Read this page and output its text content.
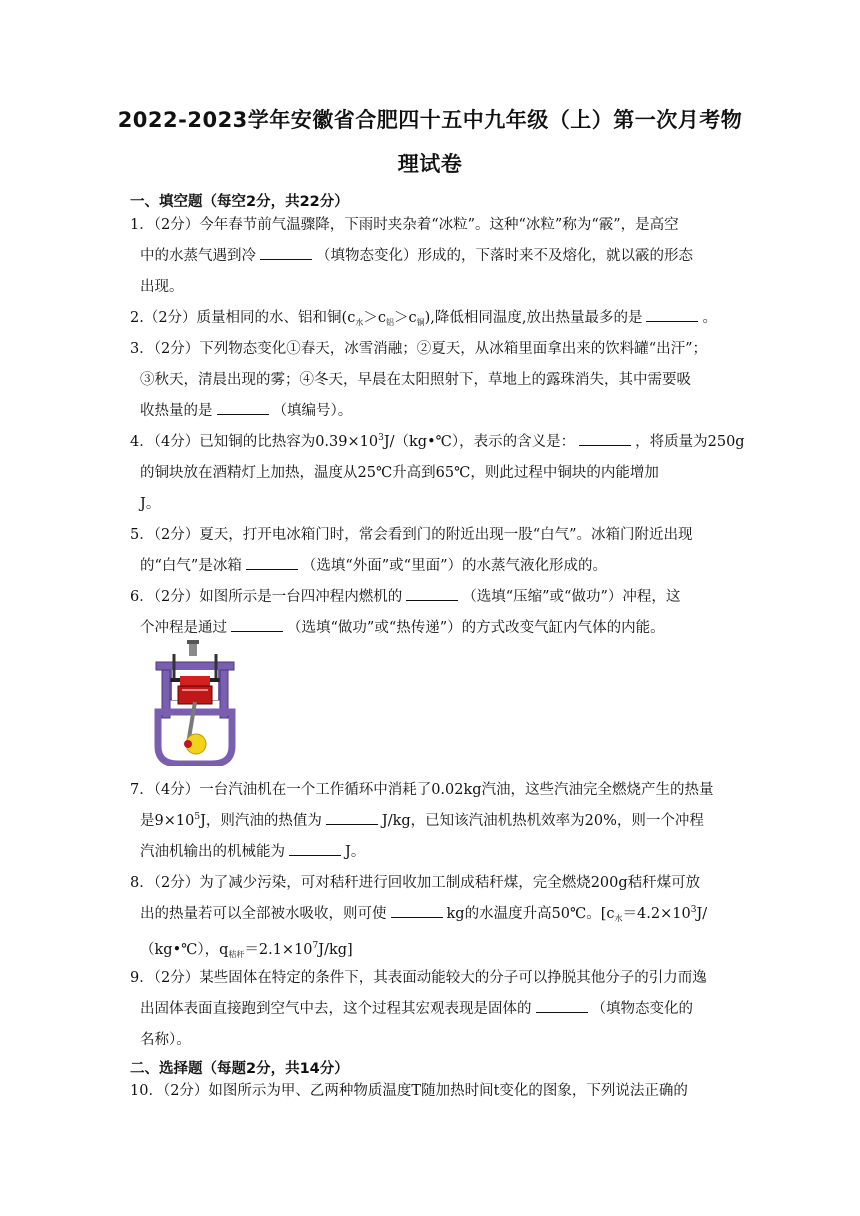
2022-2023学年安徽省合肥四十五中九年级（上）第一次月考物
理试卷
一、填空题（每空2分，共22分）
1．（2分）今年春节前气温骤降，下雨时夹杂着“冰粒”。这种“冰粒”称为“霰”，是高空
中的水蒸气遇到冷	（填物态变化）形成的，下落时来不及熔化，就以霰的形态
出现。
2.（2分）质量相同的水、铝和铜$(c_水>c_铝>c_铜)$,降低相同温度,放出热量最多的是	。
3．（2分）下列物态变化①春天，冰雪消融；②夏天，从冰箱里面拿出来的饮料罐“出汗”；
③秋天，清晨出现的雾；④冬天，早晨在太阳照射下，草地上的露珠消失，其中需要吸
收热量的是	（填编号）。
4．（4分）已知铜的比热容为$0.39\times 10^3J/(kg•℃)$，表示的含义是：	，将质量为250g
的铜块放在酒精灯上加热，温度从25℃升高到65℃，则此过程中铜块的内能增加
J。
5．（2分）夏天，打开电冰箱门时，常会看到门的附近出现一股“白气”。冰箱门附近出现
的“白气”是冰箱	（选填“外面”或“里面”）的水蒸气液化形成的。
6．（2分）如图所示是一台四冲程内燃机的	（选填“压缩”或“做功”）冲程，这
个冲程是通过	（选填“做功”或“热传递”）的方式改变气缸内气体的内能。
7．（4分）一台汽油机在一个工作循环中消耗了0.02kg汽油，这些汽油完全燃烧产生的热量
是$9\times 10^5J$，则汽油的热值为	J/kg，已知该汽油机热机效率为20%，则一个冲程
汽油机输出的机械能为	J。
8．（2分）为了减少污染，可对秸秆进行回收加工制成秸秆煤，完全燃烧200g秸秆煤可放
出的热量若可以全部被水吸收，则可使	kg的水温度升高50℃。[$c_水=4.2\times 10^3J/$
（kg•℃），$q_{秸秆}=2.1\times 10^7J/kg$]
9．（2分）某些固体在特定的条件下，其表面动能较大的分子可以挣脱其他分子的引力而逸
出固体表面直接跑到空气中去，这个过程其宏观表现是固体的	（填物态变化的
名称）。
二、选择题（每题2分，共14分）
10．（2分）如图所示为甲、乙两种物质温度T随加热时间t变化的图象，下列说法正确的
